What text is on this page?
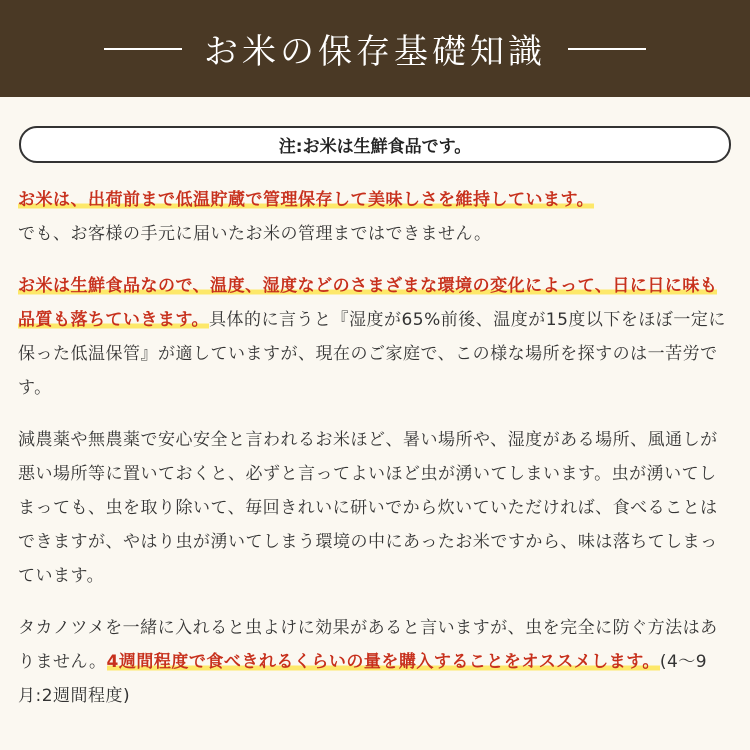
お米の保存基礎知識
注:お米は生鮮食品です。

お米は、出荷前まで低温貯蔵で管理保存して美味しさを維持しています。
でも、お客様の手元に届いたお米の管理まではできません。

お米は生鮮食品なので、温度、湿度などのさまざまな環境の変化によって、日に日に味も品質も落ちていきます。具体的に言うと『湿度が65%前後、温度が15度以下をほぼ一定に保った低温保管』が適していますが、現在のご家庭で、この様な場所を探すのは一苦労です。

減農薬や無農薬で安心安全と言われるお米ほど、暑い場所や、湿度がある場所、風通しが悪い場所等に置いておくと、必ずと言ってよいほど虫が湧いてしまいます。虫が湧いてしまっても、虫を取り除いて、毎回きれいに研いでから炊いていただければ、食べることはできますが、やはり虫が湧いてしまう環境の中にあったお米ですから、味は落ちてしまっています。

タカノツメを一緒に入れると虫よけに効果があると言いますが、虫を完全に防ぐ方法はありません。4週間程度で食べきれるくらいの量を購入することをオススメします。(4〜9月:2週間程度)
